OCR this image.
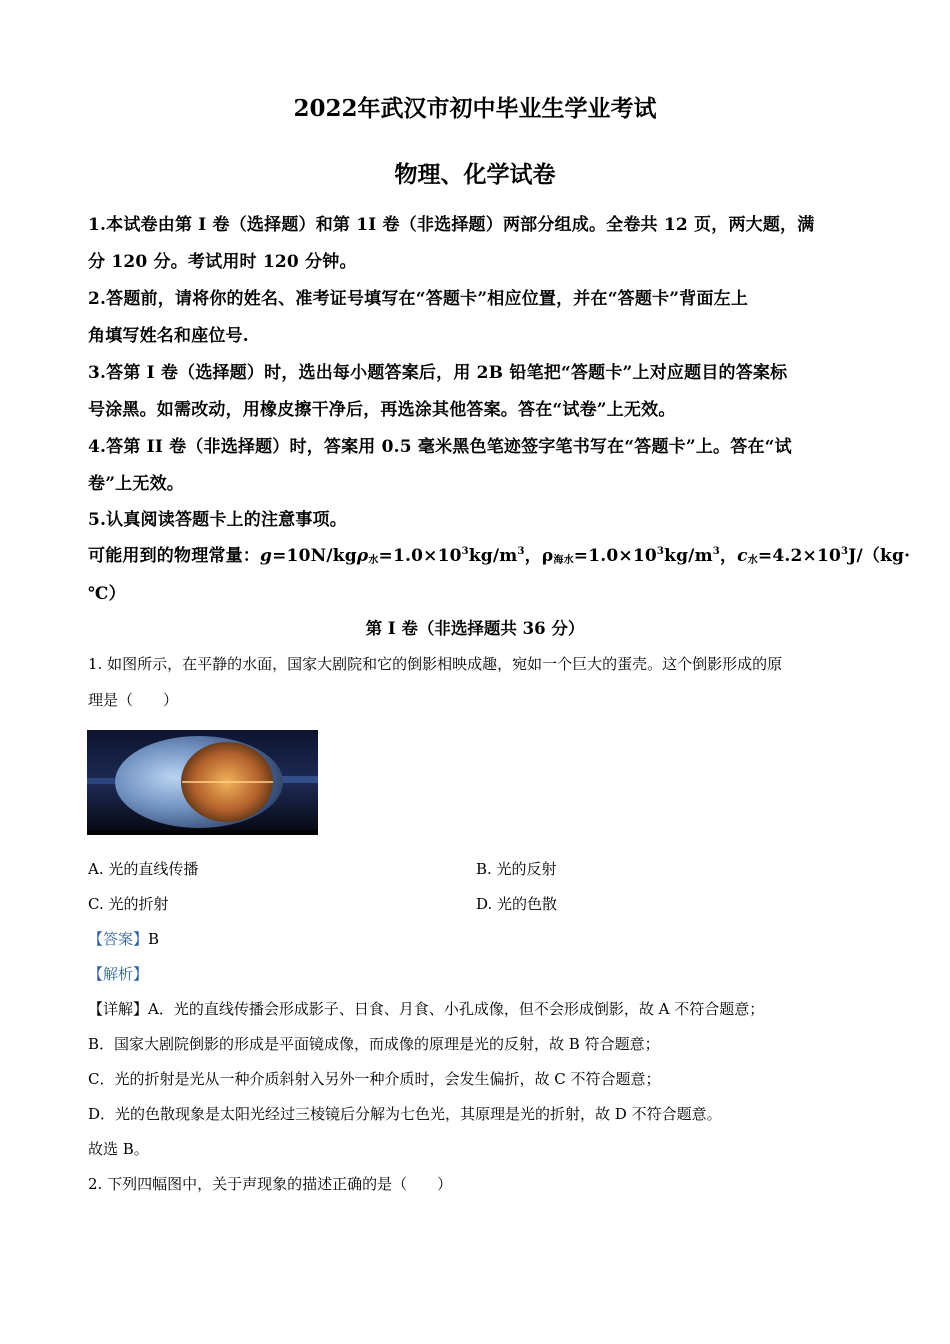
2022年武汉市初中毕业生学业考试
物理、化学试卷
1.本试卷由第 I 卷（选择题）和第 1I 卷（非选择题）两部分组成。全卷共 12 页，两大题，满
分 120 分。考试用时 120 分钟。
2.答题前，请将你的姓名、准考证号填写在“答题卡”相应位置，并在“答题卡”背面左上
角填写姓名和座位号.
3.答第 I 卷（选择题）时，选出每小题答案后，用 2B 铅笔把“答题卡”上对应题目的答案标
号涂黑。如需改动，用橡皮擦干净后，再选涂其他答案。答在“试卷”上无效。
4.答第 II 卷（非选择题）时，答案用 0.5 毫米黑色笔迹签字笔书写在“答题卡”上。答在“试
卷”上无效。
5.认真阅读答题卡上的注意事项。
可能用到的物理常量：$g=10N/kg\rho_水=1.0\times 10^3kg/m^3$，$\rho_{海水}=1.0\times 10^3kg/m^3$，$c_水=4.2\times 10^3J/(kg\cdot$
℃）
第 I 卷（非选择题共 36 分）
1. 如图所示，在平静的水面，国家大剧院和它的倒影相映成趣，宛如一个巨大的蛋壳。这个倒影形成的原
理是（　　）
A. 光的直线传播	B. 光的反射
C. 光的折射	D. 光的色散
【答案】B
【解析】
【详解】A．光的直线传播会形成影子、日食、月食、小孔成像，但不会形成倒影，故 A 不符合题意；
B．国家大剧院倒影的形成是平面镜成像，而成像的原理是光的反射，故 B 符合题意；
C．光的折射是光从一种介质斜射入另外一种介质时，会发生偏折，故 C 不符合题意；
D．光的色散现象是太阳光经过三棱镜后分解为七色光，其原理是光的折射，故 D 不符合题意。
故选 B。
2. 下列四幅图中，关于声现象的描述正确的是（　　）
